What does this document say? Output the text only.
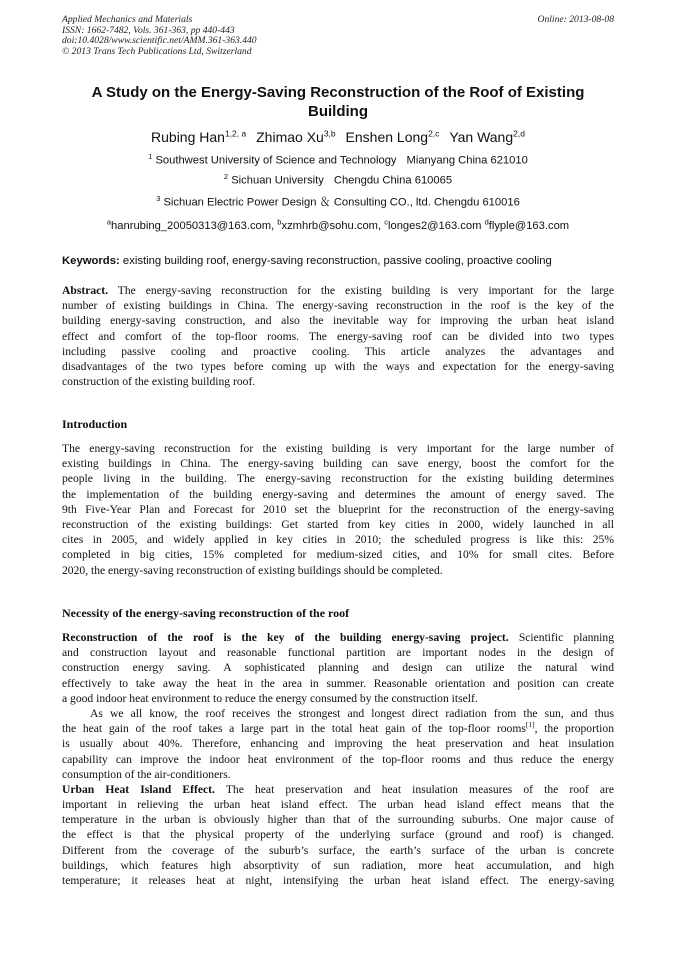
Applied Mechanics and Materials
ISSN: 1662-7482, Vols. 361-363, pp 440-443
doi:10.4028/www.scientific.net/AMM.361-363.440
© 2013 Trans Tech Publications Ltd, Switzerland
Online: 2013-08-08
A Study on the Energy-Saving Reconstruction of the Roof of Existing
Building
Rubing Han$^{1,2, a}$ Zhimao Xu$^{3,b}$ Enshen Long$^{2,c}$ Yan Wang$^{2,d}$
$^1$ Southwest University of Science and Technology Mianyang China 621010
$^2$ Sichuan University Chengdu China 610065
$^3$ Sichuan Electric Power Design ＆ Consulting CO., ltd. Chengdu 610016
$^a$hanrubing_20050313@163.com, $^b$xzmhrb@sohu.com, $^c$longes2@163.com $^d$flyple@163.com
Keywords: existing building roof, energy-saving reconstruction, passive cooling, proactive cooling
Abstract. The energy-saving reconstruction for the existing building is very important for the large
number of existing buildings in China. The energy-saving reconstruction in the roof is the key of the
building energy-saving construction, and also the inevitable way for improving the urban heat island
effect and comfort of the top-floor rooms. The energy-saving roof can be divided into two types
including passive cooling and proactive cooling. This article analyzes the advantages and
disadvantages of the two types before coming up with the ways and expectation for the energy-saving
construction of the existing building roof.
Introduction
The energy-saving reconstruction for the existing building is very important for the large number of
existing buildings in China. The energy-saving building can save energy, boost the comfort for the
people living in the building. The energy-saving reconstruction for the existing building determines
the implementation of the building energy-saving and determines the amount of energy saved. The
9th Five-Year Plan and Forecast for 2010 set the blueprint for the reconstruction of the energy-saving
reconstruction of the existing buildings: Get started from key cities in 2000, widely launched in all
cites in 2005, and widely applied in key cities in 2010; the scheduled progress is like this: 25%
completed in big cities, 15% completed for medium-sized cities, and 10% for small cites. Before
2020, the energy-saving reconstruction of existing buildings should be completed.
Necessity of the energy-saving reconstruction of the roof
Reconstruction of the roof is the key of the building energy-saving project. Scientific planning
and construction layout and reasonable functional partition are important nodes in the design of
construction energy saving. A sophisticated planning and design can utilize the natural wind
effectively to take away the heat in the area in summer. Reasonable orientation and position can create
a good indoor heat environment to reduce the energy consumed by the construction itself.
As we all know, the roof receives the strongest and longest direct radiation from the sun, and thus
the heat gain of the roof takes a large part in the total heat gain of the top-floor rooms[1], the proportion
is usually about 40%. Therefore, enhancing and improving the heat preservation and heat insulation
capability can improve the indoor heat environment of the top-floor rooms and thus reduce the energy
consumption of the air-conditioners.
Urban Heat Island Effect. The heat preservation and heat insulation measures of the roof are
important in relieving the urban heat island effect. The urban head island effect means that the
temperature in the urban is obviously higher than that of the surrounding suburbs. One major cause of
the effect is that the physical property of the underlying surface (ground and roof) is changed.
Different from the coverage of the suburb’s surface, the earth’s surface of the urban is concrete
buildings, which features high absorptivity of sun radiation, more heat accumulation, and high
temperature; it releases heat at night, intensifying the urban heat island effect. The energy-saving
